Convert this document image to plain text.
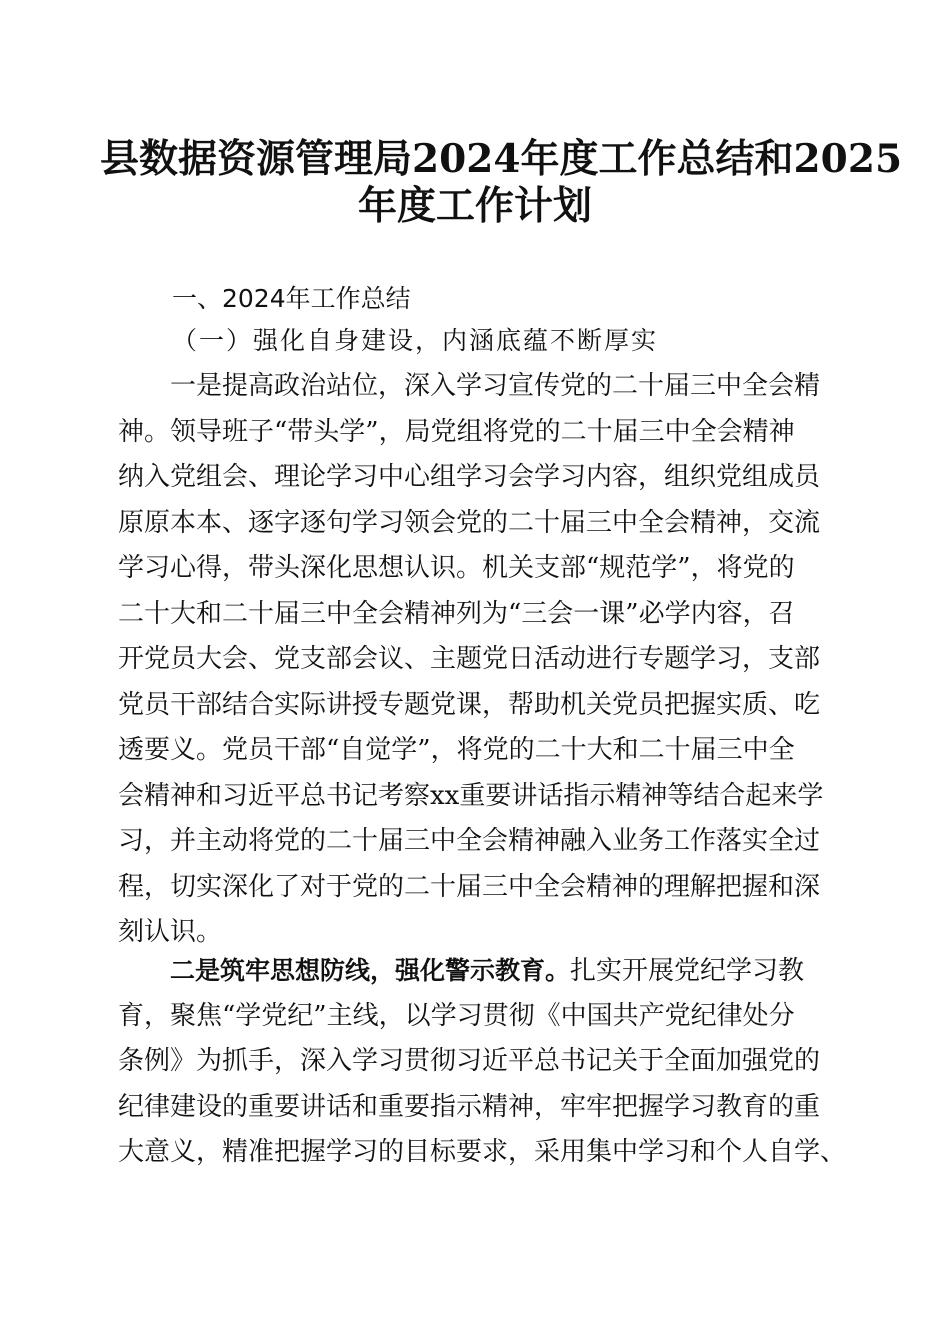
县数据资源管理局2024年度工作总结和2025
年度工作计划
一、2024年工作总结
（一）强化自身建设，内涵底蕴不断厚实
一是提高政治站位，深入学习宣传党的二十届三中全会精
神。领导班子“带头学”，局党组将党的二十届三中全会精神
纳入党组会、理论学习中心组学习会学习内容，组织党组成员
原原本本、逐字逐句学习领会党的二十届三中全会精神，交流
学习心得，带头深化思想认识。机关支部“规范学”，将党的
二十大和二十届三中全会精神列为“三会一课”必学内容，召
开党员大会、党支部会议、主题党日活动进行专题学习，支部
党员干部结合实际讲授专题党课，帮助机关党员把握实质、吃
透要义。党员干部“自觉学”，将党的二十大和二十届三中全
会精神和习近平总书记考察xx重要讲话指示精神等结合起来学
习，并主动将党的二十届三中全会精神融入业务工作落实全过
程，切实深化了对于党的二十届三中全会精神的理解把握和深
刻认识。
二是筑牢思想防线，强化警示教育。扎实开展党纪学习教
育，聚焦“学党纪”主线，以学习贯彻《中国共产党纪律处分
条例》为抓手，深入学习贯彻习近平总书记关于全面加强党的
纪律建设的重要讲话和重要指示精神，牢牢把握学习教育的重
大意义，精准把握学习的目标要求，采用集中学习和个人自学、
